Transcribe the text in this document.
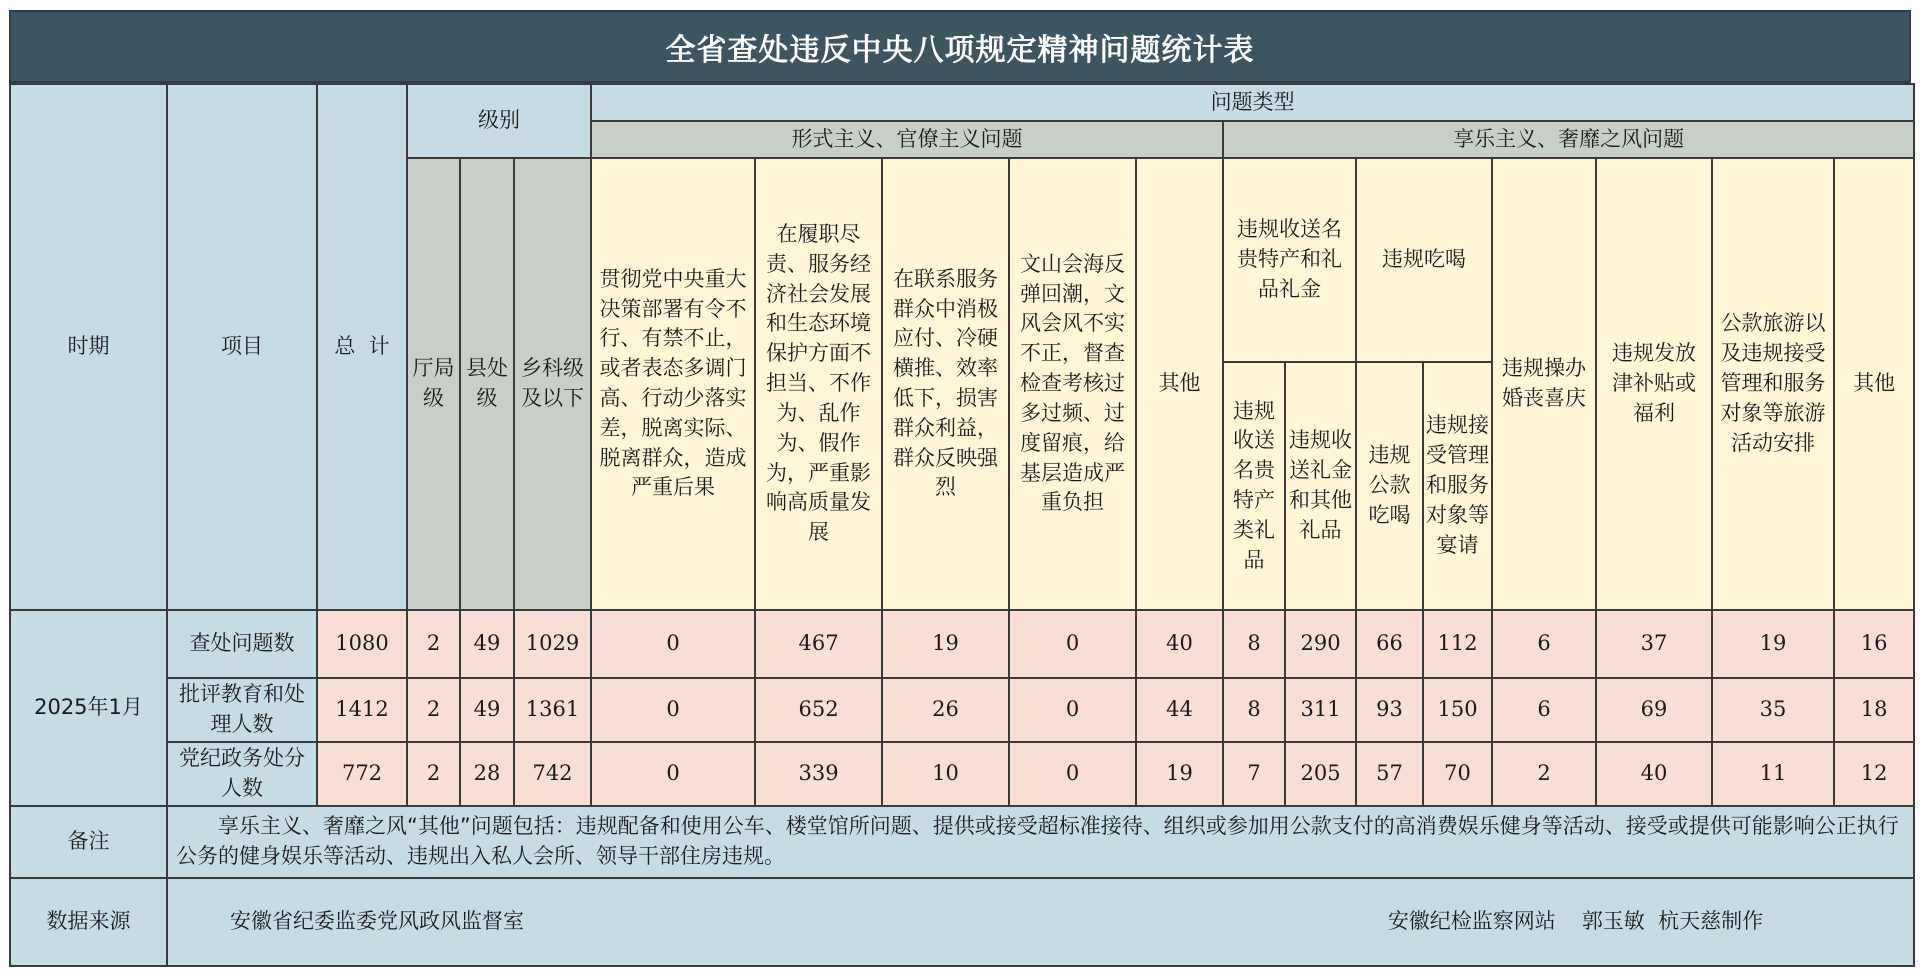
全省查处违反中央八项规定精神问题统计表
时期	项目	总  计	级别			问题类型												
						形式主义、官僚主义问题					享乐主义、奢靡之风问题							
			厅局级	县处级	乡科级及以下	贯彻党中央重大决策部署有令不行、有禁不止，或者表态多调门高、行动少落实差，脱离实际、脱离群众，造成严重后果	在履职尽责、服务经济社会发展和生态环境保护方面不担当、不作为、乱作为、假作为，严重影响高质量发展	在联系服务群众中消极应付、冷硬横推、效率低下，损害群众利益，群众反映强烈	文山会海反弹回潮，文风会风不实不正，督查检查考核过多过频、过度留痕，给基层造成严重负担	其他	违规收送名贵特产和礼品礼金		违规吃喝		违规操办婚丧喜庆	违规发放津补贴或福利	公款旅游以及违规接受管理和服务对象等旅游活动安排	其他
											违规收送名贵特产类礼品	违规收送礼金和其他礼品	违规公款吃喝	违规接受管理和服务对象等宴请				
2025年1月	查处问题数	1080	2	49	1029	0	467	19	0	40	8	290	66	112	6	37	19	16
	批评教育和处理人数	1412	2	49	1361	0	652	26	0	44	8	311	93	150	6	69	35	18
	党纪政务处分人数	772	2	28	742	0	339	10	0	19	7	205	57	70	2	40	11	12
备注	享乐主义、奢靡之风“其他”问题包括：违规配备和使用公车、楼堂馆所问题、提供或接受超标准接待、组织或参加用公款支付的高消费娱乐健身等活动、接受或提供可能影响公正执行公务的健身娱乐等活动、违规出入私人会所、领导干部住房违规。																	
数据来源	安徽省纪委监委党风政风监督室 安徽纪检监察网站 郭玉敏  杭天慈制作																	
